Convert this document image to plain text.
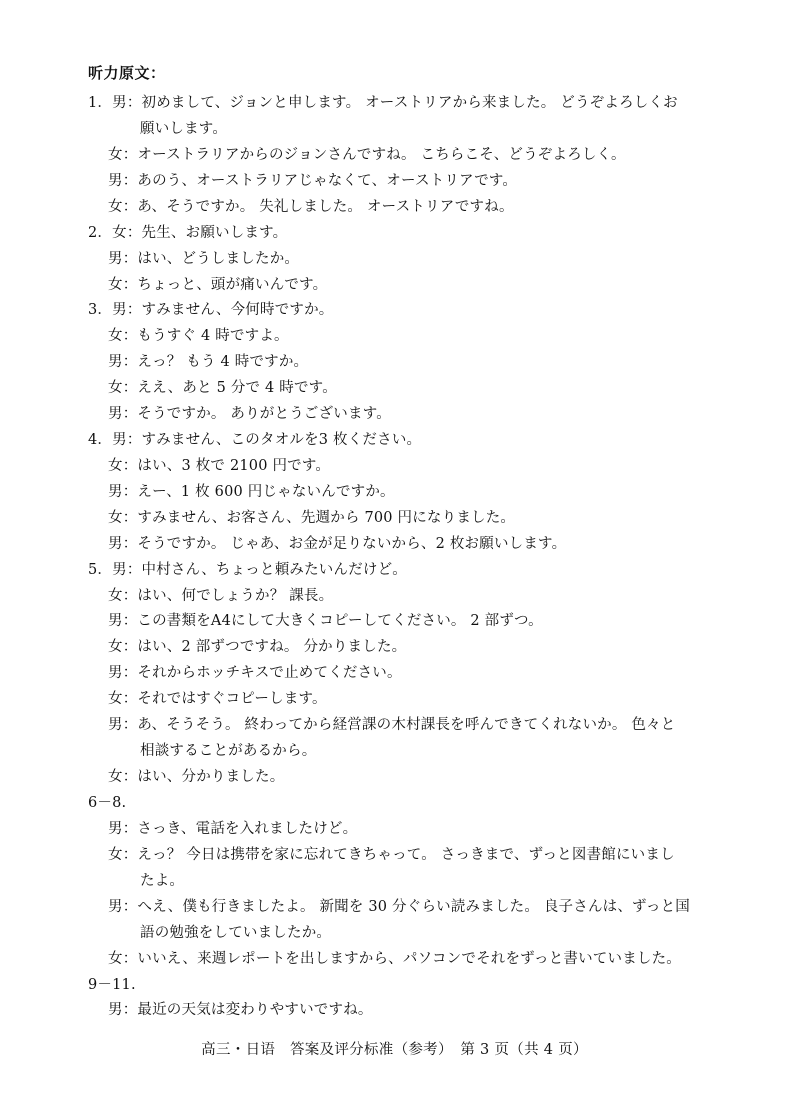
听力原文：
1．男：初めまして、ジョンと申します。 オーストリアから来ました。 どうぞよろしくお
願いします。
女：オーストラリアからのジョンさんですね。 こちらこそ、どうぞよろしく。
男：あのう、オーストラリアじゃなくて、オーストリアです。
女：あ、そうですか。 失礼しました。 オーストリアですね。
2．女：先生、お願いします。
男：はい、どうしましたか。
女：ちょっと、頭が痛いんです。
3．男：すみません、今何時ですか。
女：もうすぐ 4 時ですよ。
男：えっ？ もう 4 時ですか。
女：ええ、あと 5 分で 4 時です。
男：そうですか。 ありがとうございます。
4．男：すみません、このタオルを3 枚ください。
女：はい、3 枚で 2100 円です。
男：えー、1 枚 600 円じゃないんですか。
女：すみません、お客さん、先週から 700 円になりました。
男：そうですか。 じゃあ、お金が足りないから、2 枚お願いします。
5．男：中村さん、ちょっと頼みたいんだけど。
女：はい、何でしょうか？ 課長。
男：この書類をA4にして大きくコピーしてください。 2 部ずつ。
女：はい、2 部ずつですね。 分かりました。
男：それからホッチキスで止めてください。
女：それではすぐコピーします。
男：あ、そうそう。 終わってから経営課の木村課長を呼んできてくれないか。 色々と
相談することがあるから。
女：はい、分かりました。
6－8.
男：さっき、電話を入れましたけど。
女：えっ？ 今日は携帯を家に忘れてきちゃって。 さっきまで、ずっと図書館にいまし
たよ。
男：へえ、僕も行きましたよ。 新聞を 30 分ぐらい読みました。 良子さんは、ずっと国
語の勉強をしていましたか。
女：いいえ、来週レポートを出しますから、パソコンでそれをずっと書いていました。
9－11.
男：最近の天気は変わりやすいですね。
高三・日语　答案及评分标准（参考）　第 3 页（共 4 页）
